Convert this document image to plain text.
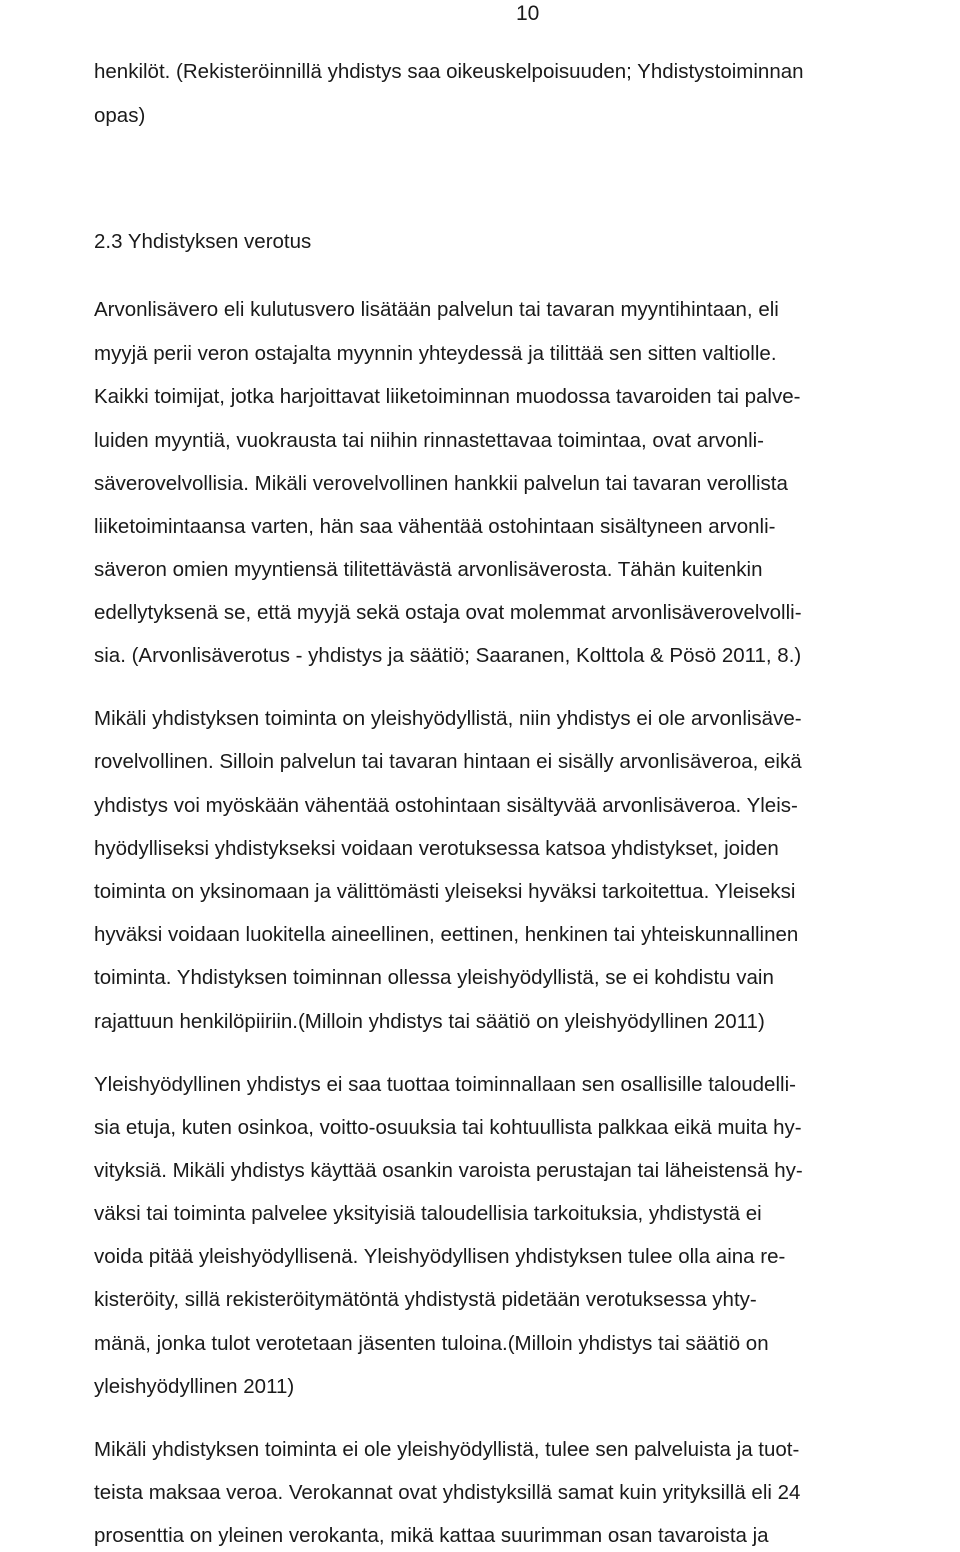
10
henkilöt. (Rekisteröinnillä yhdistys saa oikeuskelpoisuuden; Yhdistystoiminnan
opas)
2.3 Yhdistyksen verotus
Arvonlisävero eli kulutusvero lisätään palvelun tai tavaran myyntihintaan, eli
myyjä perii veron ostajalta myynnin yhteydessä ja tilittää sen sitten valtiolle.
Kaikki toimijat, jotka harjoittavat liiketoiminnan muodossa tavaroiden tai palve-
luiden myyntiä, vuokrausta tai niihin rinnastettavaa toimintaa, ovat arvonli-
säverovelvollisia. Mikäli verovelvollinen hankkii palvelun tai tavaran verollista
liiketoimintaansa varten, hän saa vähentää ostohintaan sisältyneen arvonli-
säveron omien myyntiensä tilitettävästä arvonlisäverosta. Tähän kuitenkin
edellytyksenä se, että myyjä sekä ostaja ovat molemmat arvonlisäverovelvolli-
sia. (Arvonlisäverotus - yhdistys ja säätiö; Saaranen, Kolttola & Pösö 2011, 8.)
Mikäli yhdistyksen toiminta on yleishyödyllistä, niin yhdistys ei ole arvonlisäve-
rovelvollinen. Silloin palvelun tai tavaran hintaan ei sisälly arvonlisäveroa, eikä
yhdistys voi myöskään vähentää ostohintaan sisältyvää arvonlisäveroa. Yleis-
hyödylliseksi yhdistykseksi voidaan verotuksessa katsoa yhdistykset, joiden
toiminta on yksinomaan ja välittömästi yleiseksi hyväksi tarkoitettua. Yleiseksi
hyväksi voidaan luokitella aineellinen, eettinen, henkinen tai yhteiskunnallinen
toiminta. Yhdistyksen toiminnan ollessa yleishyödyllistä, se ei kohdistu vain
rajattuun henkilöpiiriin.(Milloin yhdistys tai säätiö on yleishyödyllinen 2011)
Yleishyödyllinen yhdistys ei saa tuottaa toiminnallaan sen osallisille taloudelli-
sia etuja, kuten osinkoa, voitto-osuuksia tai kohtuullista palkkaa eikä muita hy-
vityksiä. Mikäli yhdistys käyttää osankin varoista perustajan tai läheistensä hy-
väksi tai toiminta palvelee yksityisiä taloudellisia tarkoituksia, yhdistystä ei
voida pitää yleishyödyllisenä. Yleishyödyllisen yhdistyksen tulee olla aina re-
kisteröity, sillä rekisteröitymätöntä yhdistystä pidetään verotuksessa yhty-
mänä, jonka tulot verotetaan jäsenten tuloina.(Milloin yhdistys tai säätiö on
yleishyödyllinen 2011)
Mikäli yhdistyksen toiminta ei ole yleishyödyllistä, tulee sen palveluista ja tuot-
teista maksaa veroa. Verokannat ovat yhdistyksillä samat kuin yrityksillä eli 24
prosenttia on yleinen verokanta, mikä kattaa suurimman osan tavaroista ja
